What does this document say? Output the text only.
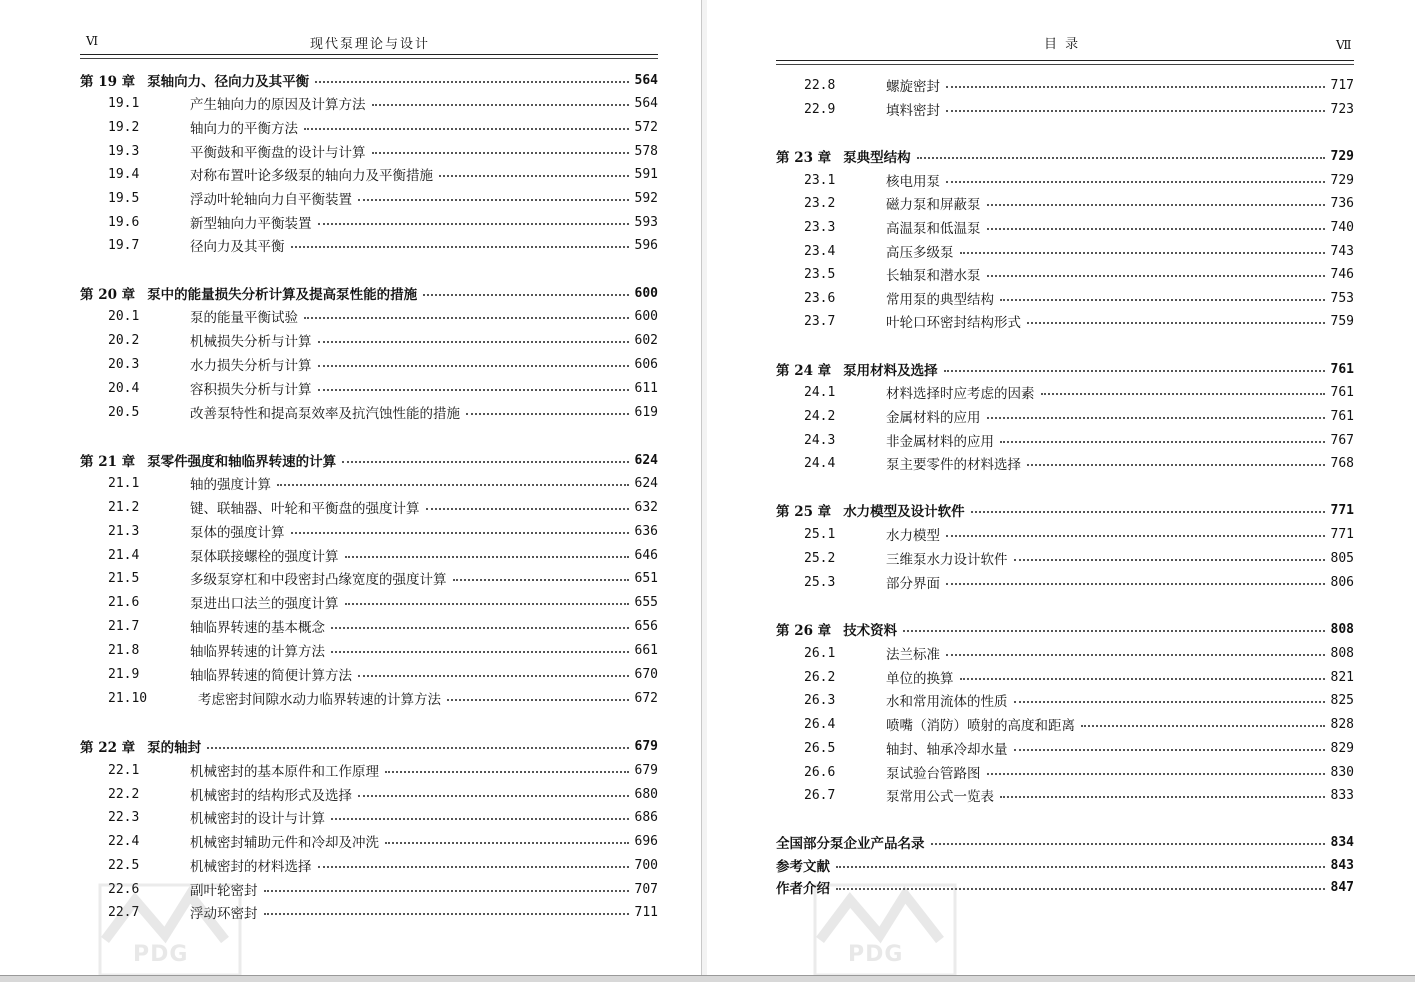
Ⅵ	现代泵理论与设计
第 19 章 泵轴向力、径向力及其平衡	564
19.1	产生轴向力的原因及计算方法	564
19.2	轴向力的平衡方法	572
19.3	平衡鼓和平衡盘的设计与计算	578
19.4	对称布置叶论多级泵的轴向力及平衡措施	591
19.5	浮动叶轮轴向力自平衡装置	592
19.6	新型轴向力平衡装置	593
19.7	径向力及其平衡	596
第 20 章 泵中的能量损失分析计算及提高泵性能的措施	600
20.1	泵的能量平衡试验	600
20.2	机械损失分析与计算	602
20.3	水力损失分析与计算	606
20.4	容积损失分析与计算	611
20.5	改善泵特性和提高泵效率及抗汽蚀性能的措施	619
第 21 章 泵零件强度和轴临界转速的计算	624
21.1	轴的强度计算	624
21.2	键、联轴器、叶轮和平衡盘的强度计算	632
21.3	泵体的强度计算	636
21.4	泵体联接螺栓的强度计算	646
21.5	多级泵穿杠和中段密封凸缘宽度的强度计算	651
21.6	泵进出口法兰的强度计算	655
21.7	轴临界转速的基本概念	656
21.8	轴临界转速的计算方法	661
21.9	轴临界转速的简便计算方法	670
21.10	考虑密封间隙水动力临界转速的计算方法	672
第 22 章 泵的轴封	679
22.1	机械密封的基本原件和工作原理	679
22.2	机械密封的结构形式及选择	680
22.3	机械密封的设计与计算	686
22.4	机械密封辅助元件和冷却及冲洗	696
22.5	机械密封的材料选择	700
22.6	副叶轮密封	707
22.7	浮动环密封	711
PDG
目 录	Ⅶ
22.8	螺旋密封	717
22.9	填料密封	723
第 23 章 泵典型结构	729
23.1	核电用泵	729
23.2	磁力泵和屏蔽泵	736
23.3	高温泵和低温泵	740
23.4	高压多级泵	743
23.5	长轴泵和潜水泵	746
23.6	常用泵的典型结构	753
23.7	叶轮口环密封结构形式	759
第 24 章 泵用材料及选择	761
24.1	材料选择时应考虑的因素	761
24.2	金属材料的应用	761
24.3	非金属材料的应用	767
24.4	泵主要零件的材料选择	768
第 25 章 水力模型及设计软件	771
25.1	水力模型	771
25.2	三维泵水力设计软件	805
25.3	部分界面	806
第 26 章 技术资料	808
26.1	法兰标准	808
26.2	单位的换算	821
26.3	水和常用流体的性质	825
26.4	喷嘴（消防）喷射的高度和距离	828
26.5	轴封、轴承冷却水量	829
26.6	泵试验台管路图	830
26.7	泵常用公式一览表	833
全国部分泵企业产品名录	834
参考文献	843
作者介绍	847
PDG
